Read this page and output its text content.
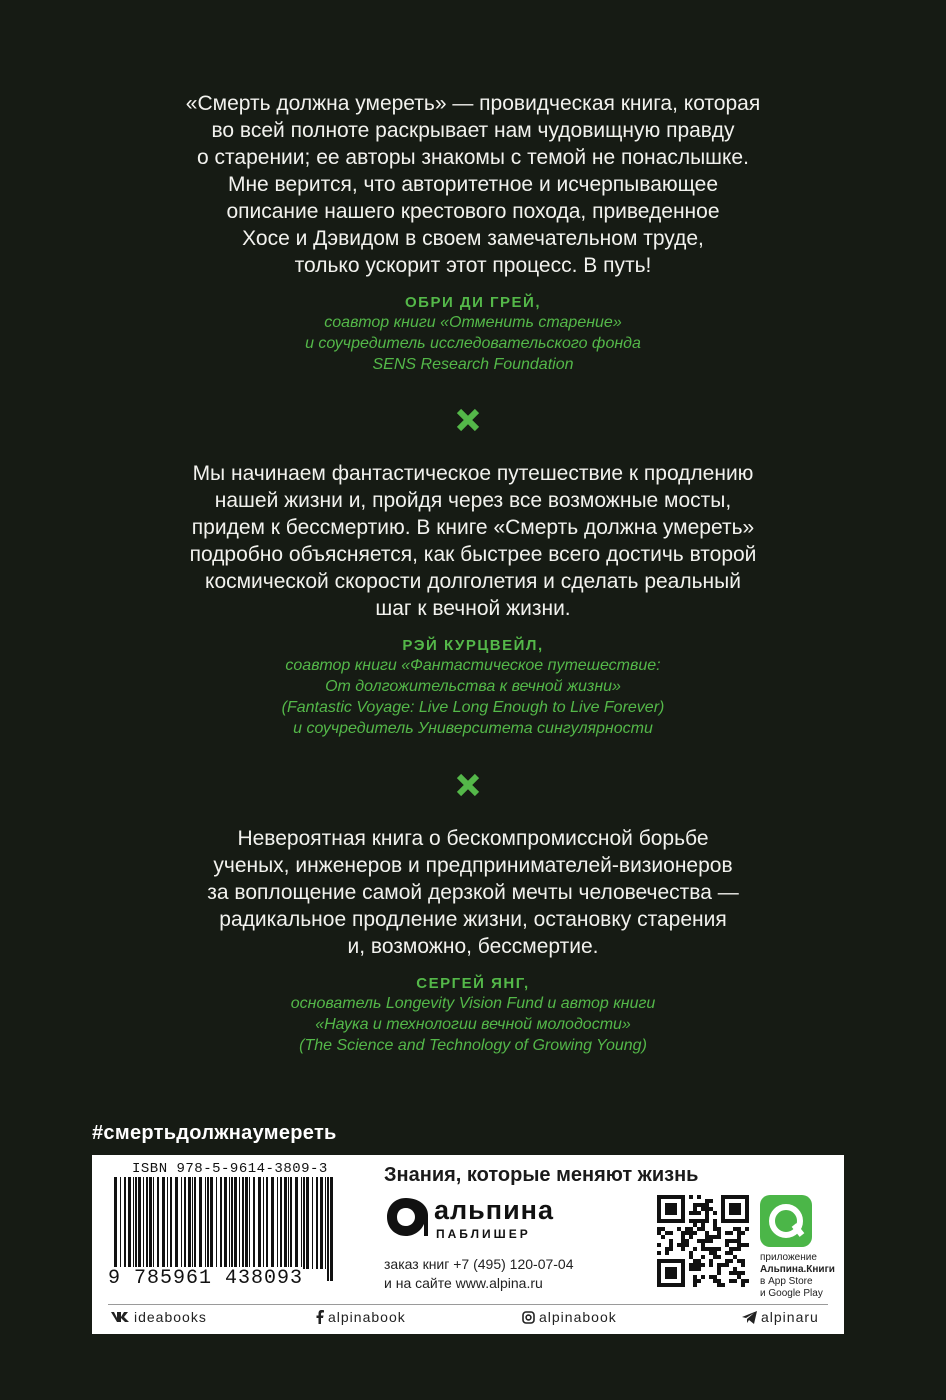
«Смерть должна умереть» — провидческая книга, которая
во всей полноте раскрывает нам чудовищную правду
о старении; ее авторы знакомы с темой не понаслышке.
Мне верится, что авторитетное и исчерпывающее
описание нашего крестового похода, приведенное
Хосе и Дэвидом в своем замечательном труде,
только ускорит этот процесс. В путь!

ОБРИ ДИ ГРЕЙ,
соавтор книги «Отменить старение»
и соучредитель исследовательского фонда
SENS Research Foundation

Мы начинаем фантастическое путешествие к продлению
нашей жизни и, пройдя через все возможные мосты,
придем к бессмертию. В книге «Смерть должна умереть»
подробно объясняется, как быстрее всего достичь второй
космической скорости долголетия и сделать реальный
шаг к вечной жизни.

РЭЙ КУРЦВЕЙЛ,
соавтор книги «Фантастическое путешествие:
От долгожительства к вечной жизни»
(Fantastic Voyage: Live Long Enough to Live Forever)
и соучредитель Университета сингулярности

Невероятная книга о бескомпромиссной борьбе
ученых, инженеров и предпринимателей-визионеров
за воплощение самой дерзкой мечты человечества —
радикальное продление жизни, остановку старения
и, возможно, бессмертие.

СЕРГЕЙ ЯНГ,
основатель Longevity Vision Fund и автор книги
«Наука и технологии вечной молодости»
(The Science and Technology of Growing Young)
#смертьдолжнаумереть
ISBN 978-5-9614-3809-3
9 785961 438093
Знания, которые меняют жизнь
альпина
ПАБЛИШЕР
заказ книг +7 (495) 120-07-04
и на сайте www.alpina.ru
приложение
Альпина.Книги
в App Store
и Google Play
ideabooks	alpinabook	alpinabook	alpinaru
